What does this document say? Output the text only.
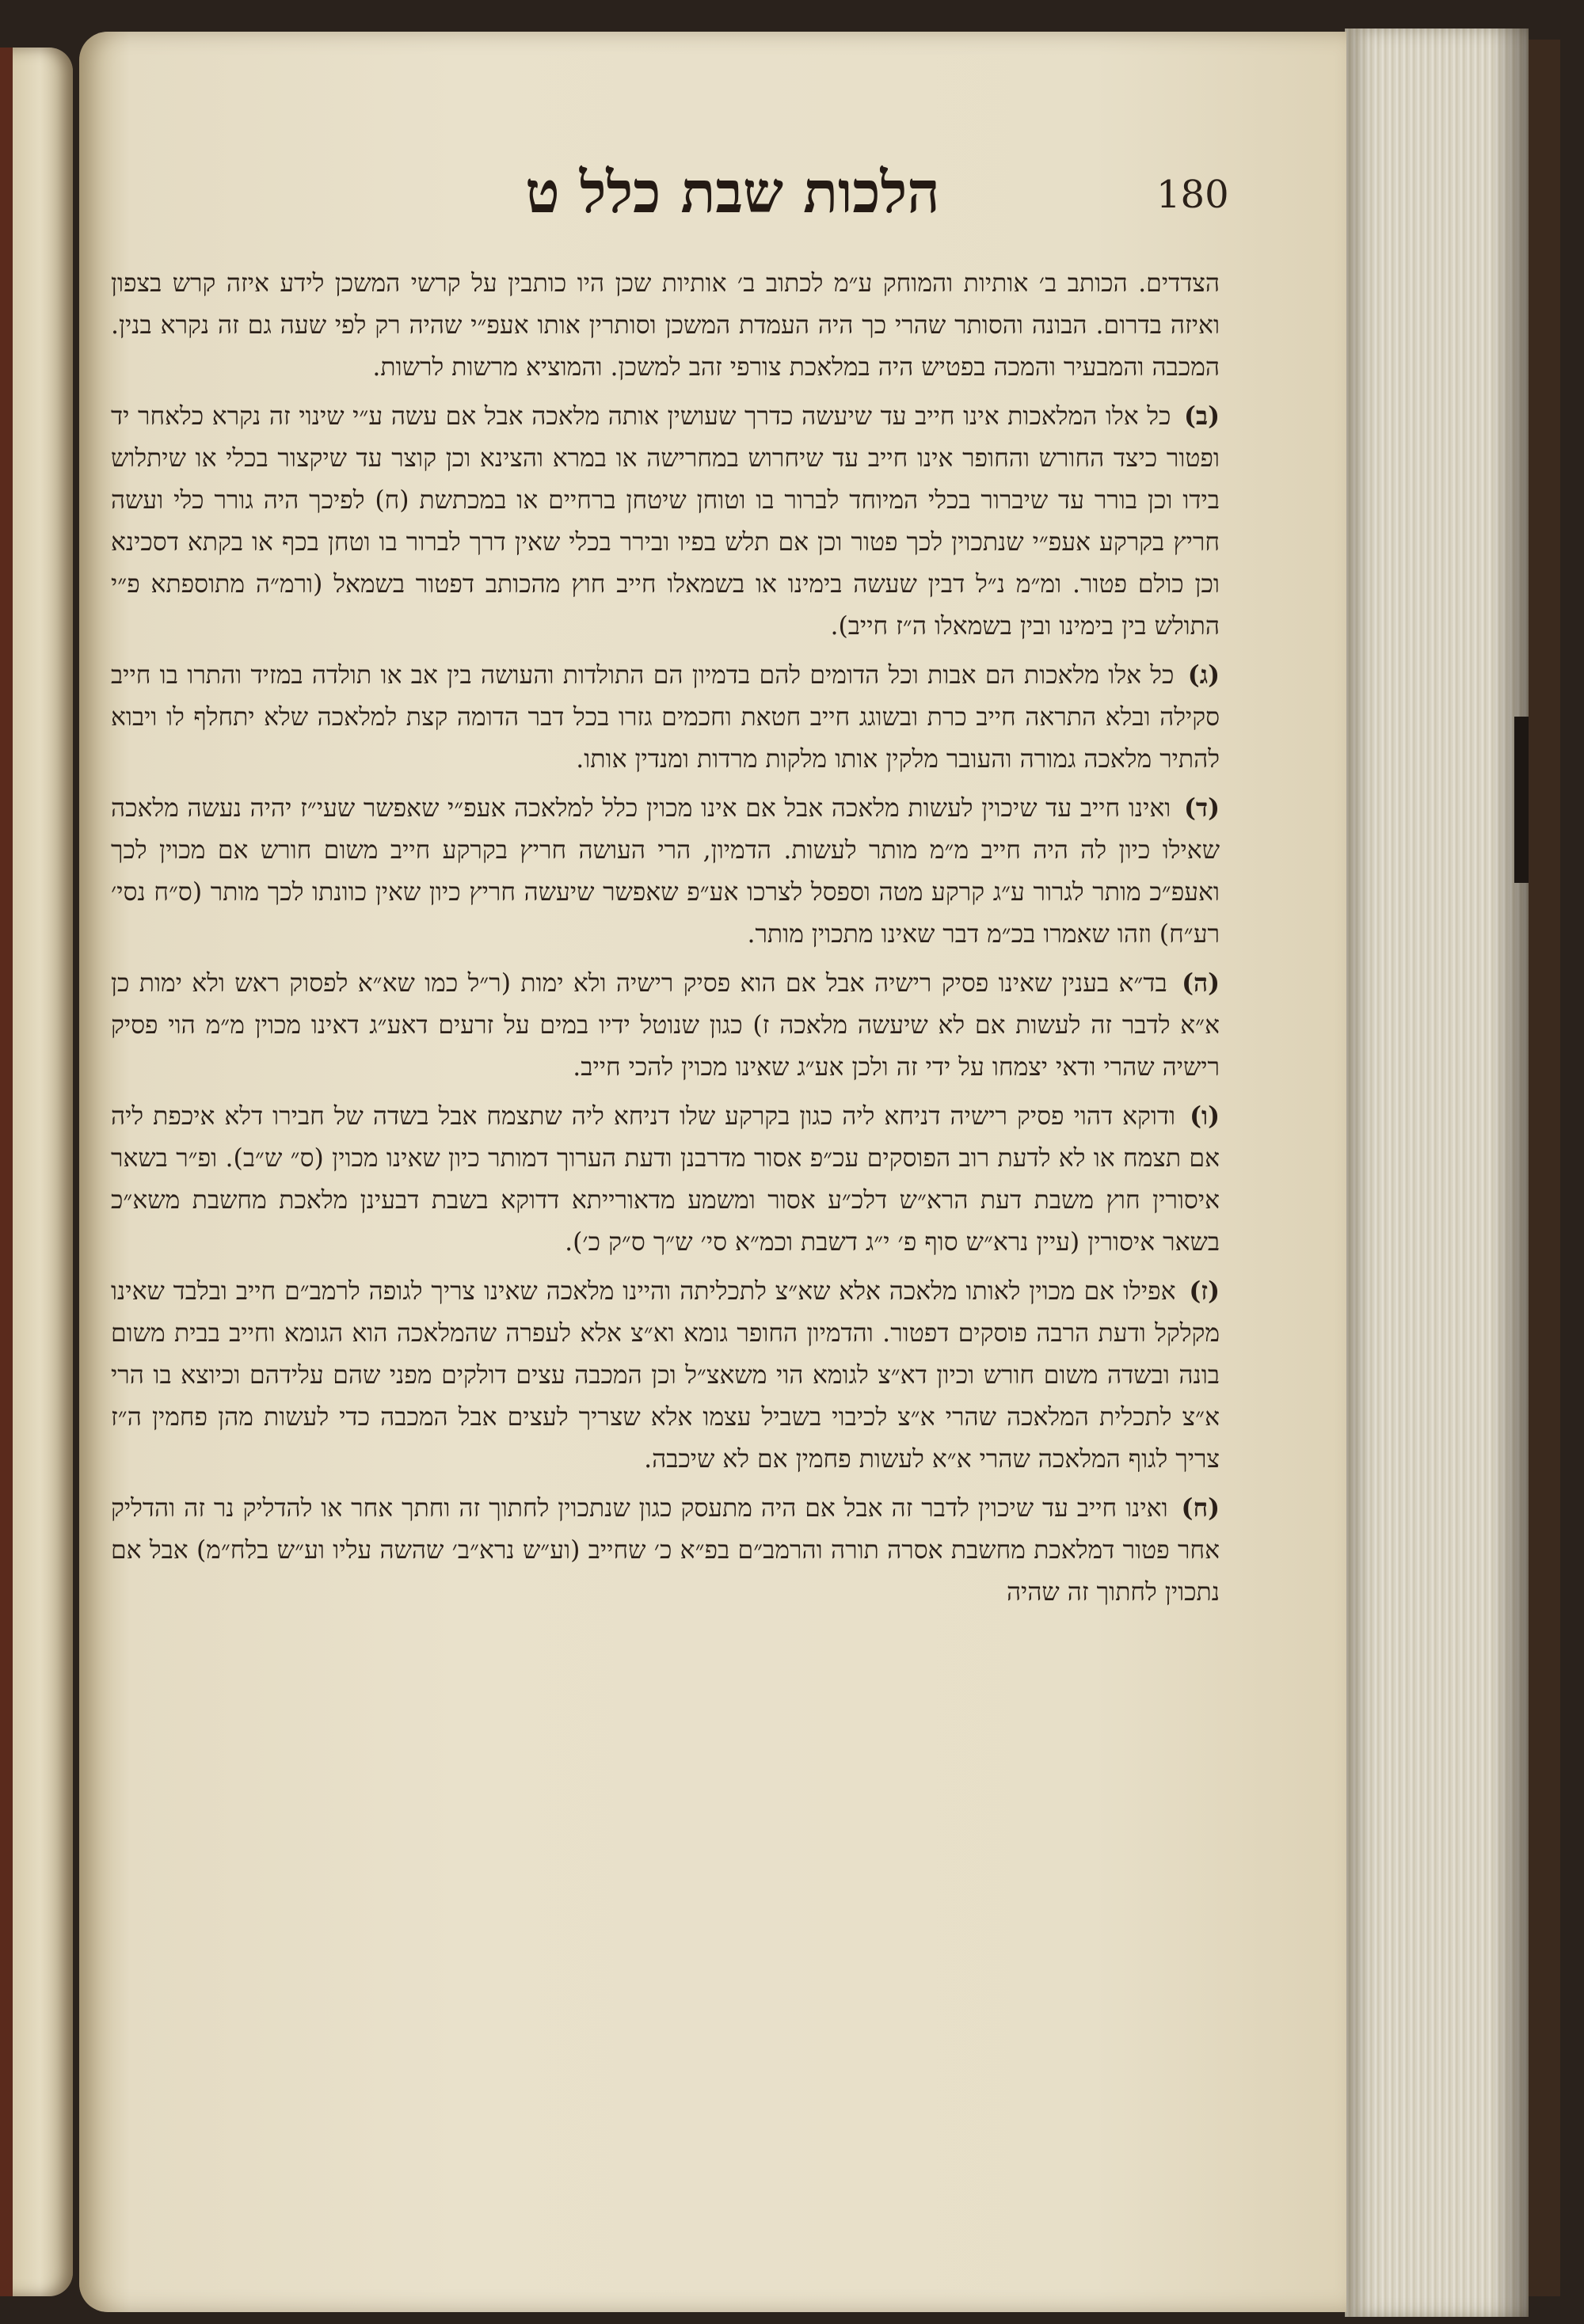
180
הלכות שבת כלל ט

הצדדים. הכותב ב׳ אותיות והמוחק ע״מ לכתוב ב׳ אותיות שכן היו כותבין על קרשי המשכן לידע איזה קרש בצפון ואיזה בדרום. הבונה והסותר שהרי כך היה העמדת המשכן וסותרין אותו אעפ״י שהיה רק לפי שעה גם זה נקרא בנין. המכבה והמבעיר והמכה בפטיש היה במלאכת צורפי זהב למשכן. והמוציא מרשות לרשות.

(ב) כל אלו המלאכות אינו חייב עד שיעשה כדרך שעושין אותה מלאכה אבל אם עשה ע״י שינוי זה נקרא כלאחר יד ופטור כיצד החורש והחופר אינו חייב עד שיחרוש במחרישה או במרא והצינא וכן קוצר עד שיקצור בכלי או שיתלוש בידו וכן בורר עד שיברור בכלי המיוחד לברור בו וטוחן שיטחן ברחיים או במכתשת (ח) לפיכך היה גורר כלי ועשה חריץ בקרקע אעפ״י שנתכוין לכך פטור וכן אם תלש בפיו ובירר בכלי שאין דרך לברור בו וטחן בכף או בקתא דסכינא וכן כולם פטור. ומ״מ נ״ל דבין שעשה בימינו או בשמאלו חייב חוץ מהכותב דפטור בשמאל (ורמ״ה מתוספתא פ״י התולש בין בימינו ובין בשמאלו ה״ז חייב).

(ג) כל אלו מלאכות הם אבות וכל הדומים להם בדמיון הם התולדות והעושה בין אב או תולדה במזיד והתרו בו חייב סקילה ובלא התראה חייב כרת ובשוגג חייב חטאת וחכמים גזרו בכל דבר הדומה קצת למלאכה שלא יתחלף לו ויבוא להתיר מלאכה גמורה והעובר מלקין אותו מלקות מרדות ומנדין אותו.

(ד) ואינו חייב עד שיכוין לעשות מלאכה אבל אם אינו מכוין כלל למלאכה אעפ״י שאפשר שעי״ז יהיה נעשה מלאכה שאילו כיון לה היה חייב מ״מ מותר לעשות. הדמיון, הרי העושה חריץ בקרקע חייב משום חורש אם מכוין לכך ואעפ״כ מותר לגרור ע״ג קרקע מטה וספסל לצרכו אע״פ שאפשר שיעשה חריץ כיון שאין כוונתו לכך מותר (ס״ח נסי׳ רע״ח) וזהו שאמרו בכ״מ דבר שאינו מתכוין מותר.

(ה) בד״א בענין שאינו פסיק רישיה אבל אם הוא פסיק רישיה ולא ימות (ר״ל כמו שא״א לפסוק ראש ולא ימות כן א״א לדבר זה לעשות אם לא שיעשה מלאכה ז) כגון שנוטל ידיו במים על זרעים דאע״ג דאינו מכוין מ״מ הוי פסיק רישיה שהרי ודאי יצמחו על ידי זה ולכן אע״ג שאינו מכוין להכי חייב.

(ו) ודוקא דהוי פסיק רישיה דניחא ליה כגון בקרקע שלו דניחא ליה שתצמח אבל בשדה של חבירו דלא איכפת ליה אם תצמח או לא לדעת רוב הפוסקים עכ״פ אסור מדרבנן ודעת הערוך דמותר כיון שאינו מכוין (ס״ ש״ב). ופ״ר בשאר איסורין חוץ משבת דעת הרא״ש דלכ״ע אסור ומשמע מדאורייתא דדוקא בשבת דבעינן מלאכת מחשבת משא״כ בשאר איסורין (עיין נרא״ש סוף פ׳ י״ג דשבת וכמ״א סי׳ ש״ך ס״ק כ׳).

(ז) אפילו אם מכוין לאותו מלאכה אלא שא״צ לתכליתה והיינו מלאכה שאינו צריך לגופה לרמב״ם חייב ובלבד שאינו מקלקל ודעת הרבה פוסקים דפטור. והדמיון החופר גומא וא״צ אלא לעפרה שהמלאכה הוא הגומא וחייב בבית משום בונה ובשדה משום חורש וכיון דא״צ לגומא הוי משאצ״ל וכן המכבה עצים דולקים מפני שהם עלידהם וכיוצא בו הרי א״צ לתכלית המלאכה שהרי א״צ לכיבוי בשביל עצמו אלא שצריך לעצים אבל המכבה כדי לעשות מהן פחמין ה״ז צריך לגוף המלאכה שהרי א״א לעשות פחמין אם לא שיכבה.

(ח) ואינו חייב עד שיכוין לדבר זה אבל אם היה מתעסק כגון שנתכוין לחתוך זה וחתך אחר או להדליק נר זה והדליק אחר פטור דמלאכת מחשבת אסרה תורה והרמב״ם בפ״א כ׳ שחייב (וע״ש נרא״ב׳ שהשה עליו וע״ש בלח״מ) אבל אם נתכוין לחתוך זה שהיה
